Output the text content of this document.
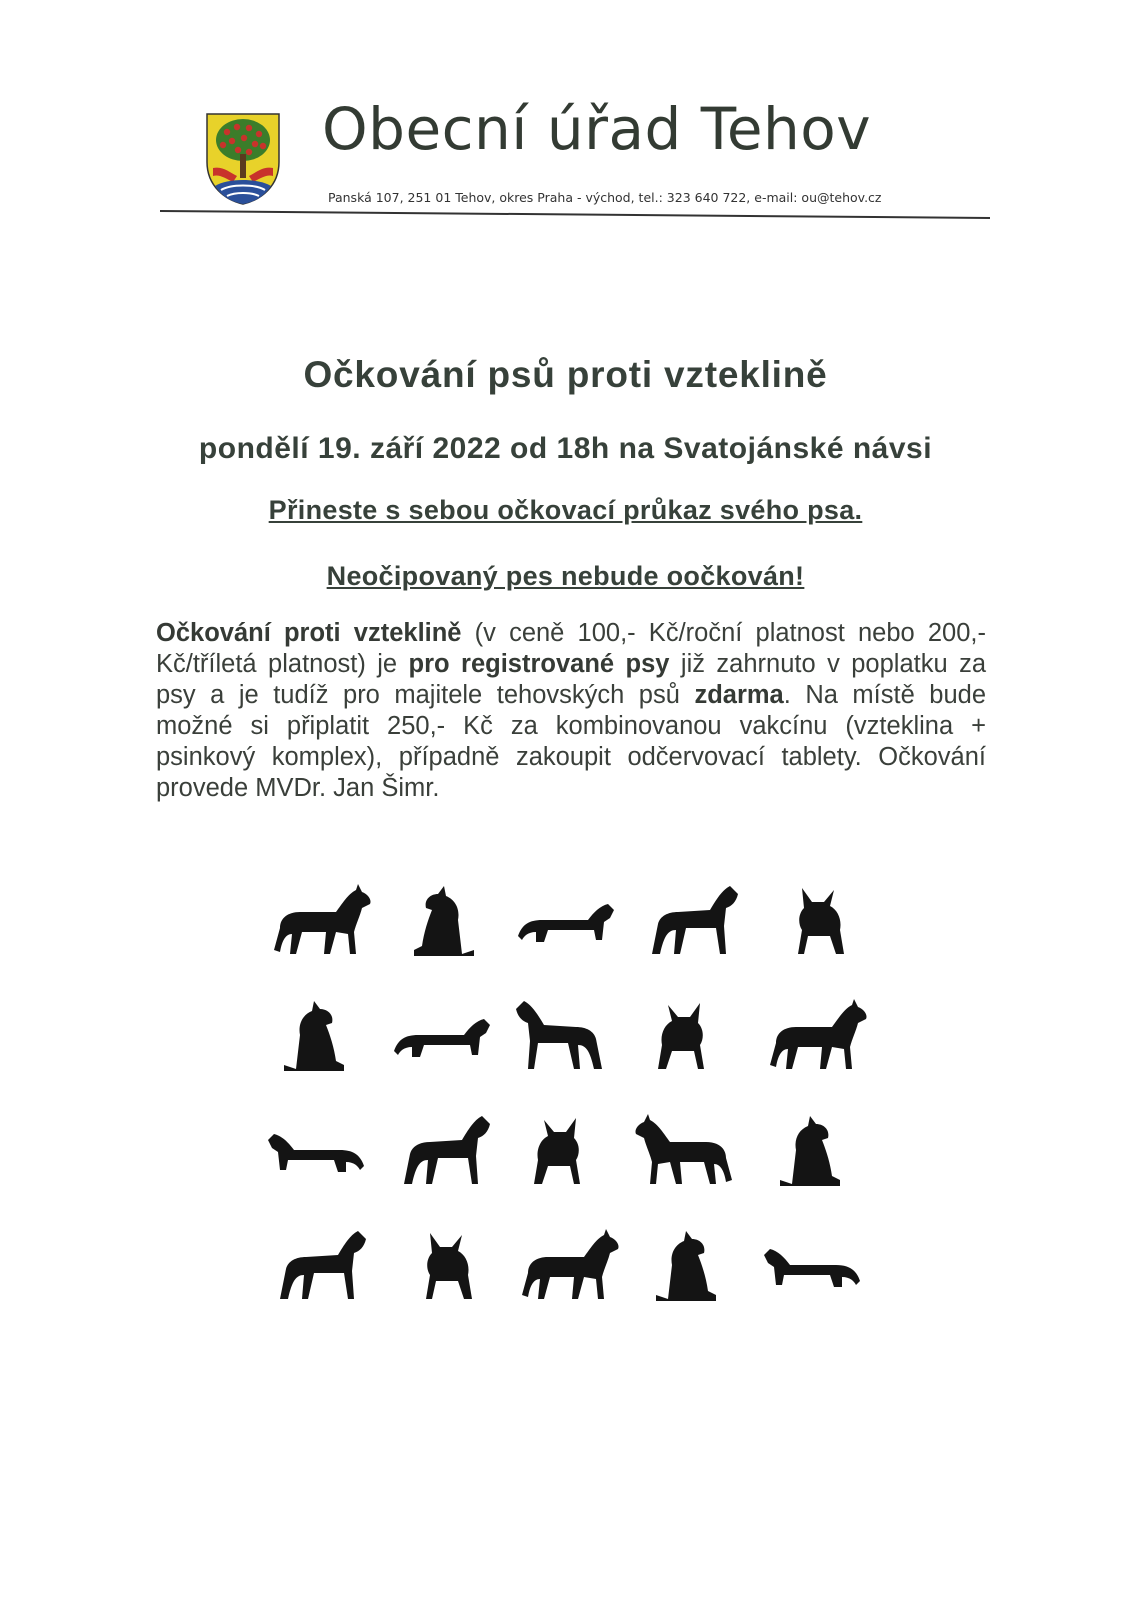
Obecní úřad Tehov
Panská 107, 251 01 Tehov, okres Praha - východ, tel.: 323 640 722, e-mail: ou@tehov.cz
Očkování psů proti vzteklině
pondělí 19. září 2022 od 18h na Svatojánské návsi
Přineste s sebou očkovací průkaz svého psa.
Neočipovaný pes nebude oočkován!
Očkování proti vzteklině (v ceně 100,- Kč/roční platnost nebo 200,-Kč/tříletá platnost) je pro registrované psy již zahrnuto v poplatku za psy a je tudíž pro majitele tehovských psů zdarma. Na místě bude možné si připlatit 250,- Kč za kombinovanou vakcínu (vzteklina + psinkový komplex), případně zakoupit odčervovací tablety. Očkování provede MVDr. Jan Šimr.
